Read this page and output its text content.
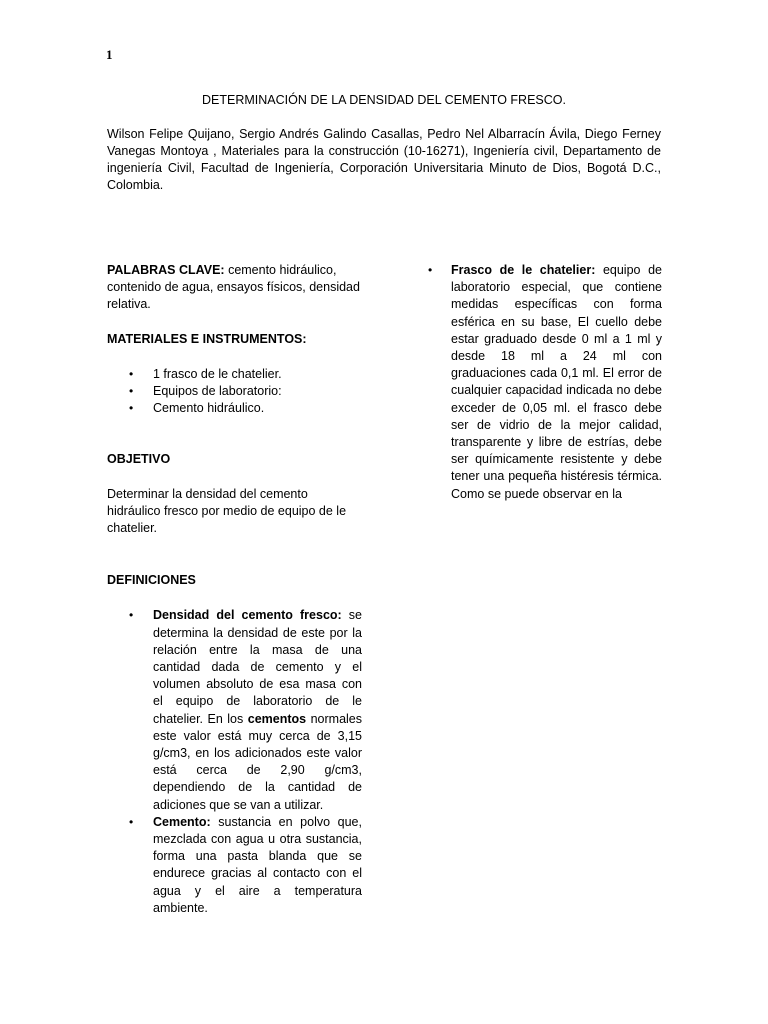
1
DETERMINACIÓN DE LA DENSIDAD DEL CEMENTO FRESCO.
Wilson Felipe Quijano, Sergio Andrés Galindo Casallas, Pedro Nel Albarracín Ávila, Diego Ferney Vanegas Montoya , Materiales para la construcción (10-16271), Ingeniería civil, Departamento de ingeniería Civil, Facultad de Ingeniería, Corporación Universitaria Minuto de Dios, Bogotá D.C., Colombia.

PALABRAS CLAVE: cemento hidráulico, contenido de agua, ensayos físicos, densidad relativa.

MATERIALES E INSTRUMENTOS:

• 1 frasco de le chatelier.
• Equipos de laboratorio:
• Cemento hidráulico.

OBJETIVO

Determinar la densidad del cemento hidráulico fresco por medio de equipo de le chatelier.

DEFINICIONES

• Densidad del cemento fresco: se determina la densidad de este por la relación entre la masa de una cantidad dada de cemento y el volumen absoluto de esa masa con el equipo de laboratorio de le chatelier. En los cementos normales este valor está muy cerca de 3,15 g/cm3, en los adicionados este valor está cerca de 2,90 g/cm3, dependiendo de la cantidad de adiciones que se van a utilizar.
• Cemento: sustancia en polvo que, mezclada con agua u otra sustancia, forma una pasta blanda que se endurece gracias al contacto con el agua y el aire a temperatura ambiente.
• Frasco de le chatelier: equipo de laboratorio especial, que contiene medidas específicas con forma esférica en su base, El cuello debe estar graduado desde 0 ml a 1 ml y desde 18 ml a 24 ml con graduaciones cada 0,1 ml. El error de cualquier capacidad indicada no debe exceder de 0,05 ml. el frasco debe ser de vidrio de la mejor calidad, transparente y libre de estrías, debe ser químicamente resistente y debe tener una pequeña histéresis térmica. Como se puede observar en la
